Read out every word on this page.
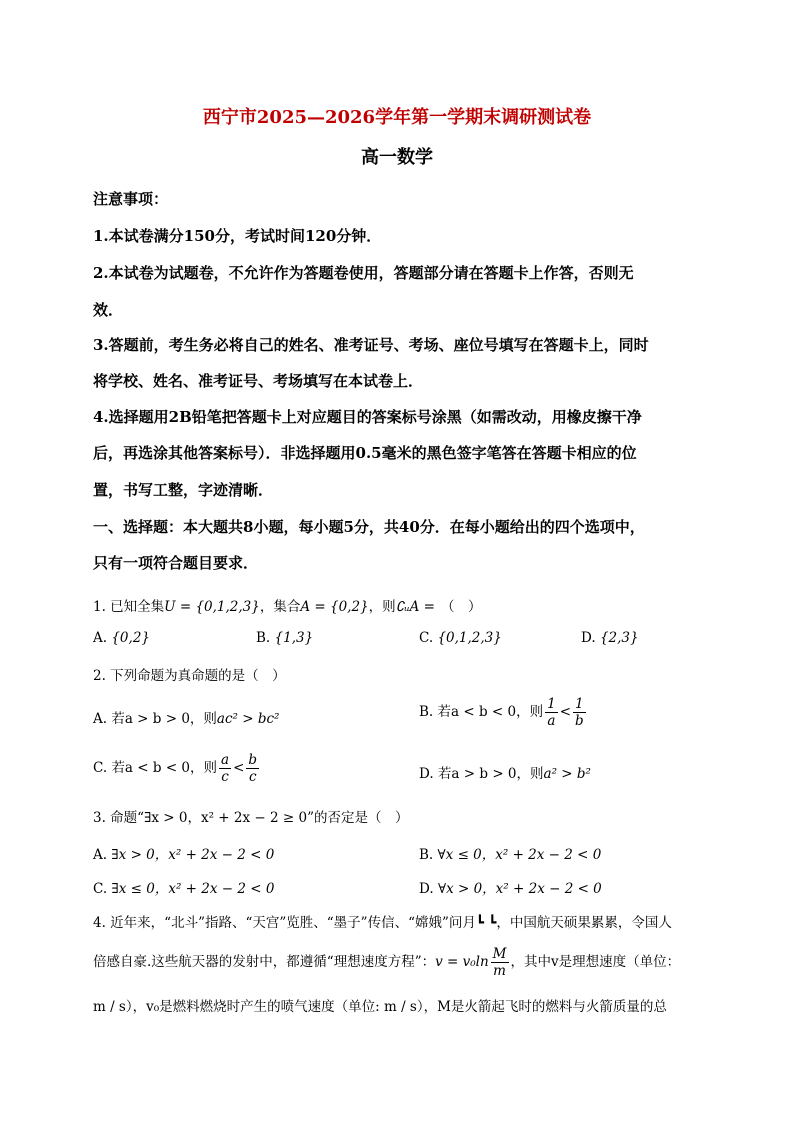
西宁市2025—2026学年第一学期末调研测试卷
高一数学
注意事项：
1.本试卷满分150分，考试时间120分钟．
2.本试卷为试题卷，不允许作为答题卷使用，答题部分请在答题卡上作答，否则无
效．
3.答题前，考生务必将自己的姓名、准考证号、考场、座位号填写在答题卡上，同时
将学校、姓名、准考证号、考场填写在本试卷上．
4.选择题用2B铅笔把答题卡上对应题目的答案标号涂黑（如需改动，用橡皮擦干净
后，再选涂其他答案标号）．非选择题用0.5毫米的黑色签字笔答在答题卡相应的位
置，书写工整，字迹清晰．
一、选择题：本大题共8小题，每小题5分，共40分．在每小题给出的四个选项中，
只有一项符合题目要求．
1. 已知全集U = {0,1,2,3}，集合A = {0,2}，则∁ᵤA = （　）
A. {0,2}	B. {1,3}	C. {0,1,2,3}	D. {2,3}
2. 下列命题为真命题的是（　）
A. 若a > b > 0，则ac² > bc²	B. 若a < b < 0，则 $\frac{1}{a} < \frac{1}{b}$
C. 若a < b < 0，则 $\frac{a}{c} < \frac{b}{c}$	D. 若a > b > 0，则a² > b²
3. 命题“∃x > 0，x² + 2x − 2 ≥ 0”的否定是（　）
A. ∃x > 0，x² + 2x − 2 < 0	B. ∀x ≤ 0，x² + 2x − 2 < 0
C. ∃x ≤ 0，x² + 2x − 2 < 0	D. ∀x > 0，x² + 2x − 2 < 0
4. 近年来，“北斗”指路、“天宫”览胜、“墨子”传信、“嫦娥”问月┗ ┗，中国航天硕果累累，令国人
倍感自豪.这些航天器的发射中，都遵循“理想速度方程”：$v = v_0\ln \frac{M}{m}$ ，其中v是理想速度（单位：
m / s），v₀是燃料燃烧时产生的喷气速度（单位: m / s），M是火箭起飞时的燃料与火箭质量的总
